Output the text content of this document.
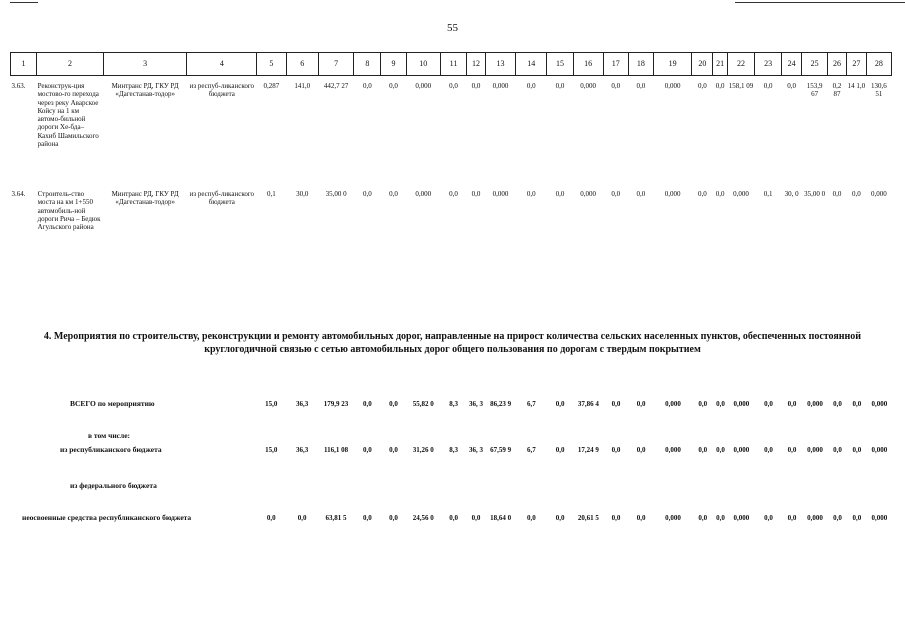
55
1	2	3	4	5	6	7	8	9	10	11	12	13	14	15	16	17	18	19	20	21	22	23	24	25	26	27	28
3.63.	Реконструк-ция мостово-го перехода через реку Аварское Койсу на 1 км автомо-бильной дороги Хе-бда– Кахиб Шамильского района	Минтранс РД, ГКУ РД «Дагестанав-тодор»	из респуб-ликанского бюджета	0,287	141,0	442,7 27	0,0	0,0	0,000	0,0	0,0	0,000	0,0	0,0	0,000	0,0	0,0	0,000	0,0	0,0	158,1 09	0,0	0,0	153,9 67	0,2 87	14 1,0	130,6 51
3.64.	Строитель-ство моста на км 1+550 автомобиль-ной дороги Рича – Бедюк Агульского района	Минтранс РД, ГКУ РД «Дагестанав-тодор»	из респуб-ликанского бюджета	0,1	30,0	35,00 0	0,0	0,0	0,000	0,0	0,0	0,000	0,0	0,0	0,000	0,0	0,0	0,000	0,0	0,0	0,000	0,1	30, 0	35,00 0	0,0	0,0	0,000
4. Мероприятия по строительству, реконструкции и ремонту автомобильных дорог, направленные на прирост количества сельских населенных пунктов, обеспеченных постоянной круглогодичной связью с сетью автомобильных дорог общего пользования по дорогам с твердым покрытием
ВСЕГО по мероприятию	15,0	36,3	179,9 23	0,0	0,0	55,82 0	8,3	36, 3	86,23 9	6,7	0,0	37,86 4	0,0	0,0	0,000	0,0	0,0	0,000	0,0	0,0	0,000	0,0	0,0	0,000
в том числе:																								
из республиканского бюджета	15,0	36,3	116,1 08	0,0	0,0	31,26 0	8,3	36, 3	67,59 9	6,7	0,0	17,24 9	0,0	0,0	0,000	0,0	0,0	0,000	0,0	0,0	0,000	0,0	0,0	0,000
из федерального бюджета																								
неосвоенные средства республиканского бюджета	0,0	0,0	63,81 5	0,0	0,0	24,56 0	0,0	0,0	18,64 0	0,0	0,0	20,61 5	0,0	0,0	0,000	0,0	0,0	0,000	0,0	0,0	0,000	0,0	0,0	0,000
